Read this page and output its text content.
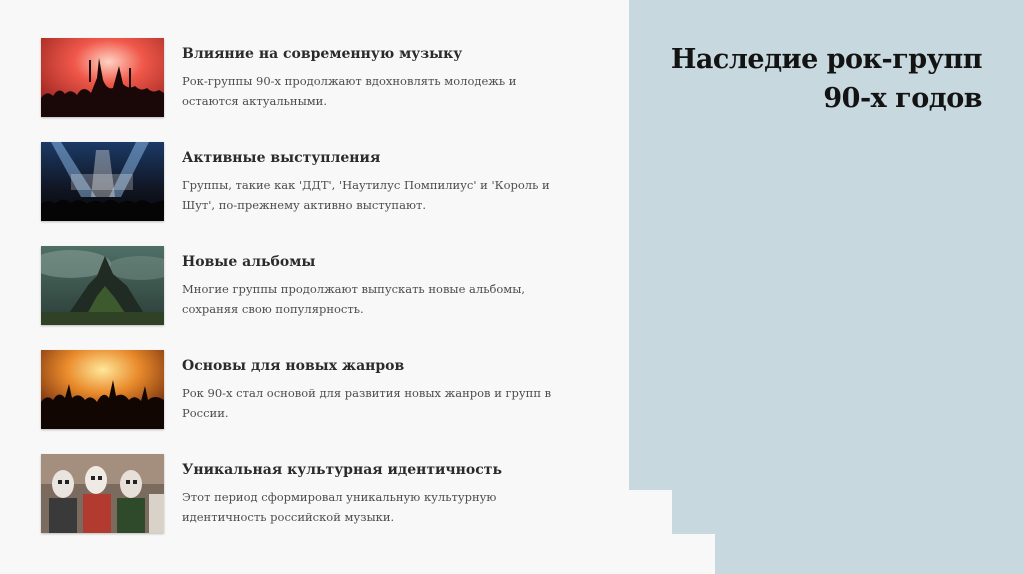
Наследие рок-групп
90-х годов
Влияние на современную музыку

Рок-группы 90-х продолжают вдохновлять молодежь и остаются актуальными.

Активные выступления

Группы, такие как 'ДДТ', 'Наутилус Помпилиус' и 'Король и Шут', по-прежнему активно выступают.

Новые альбомы

Многие группы продолжают выпускать новые альбомы, сохраняя свою популярность.

Основы для новых жанров

Рок 90-х стал основой для развития новых жанров и групп в России.

Уникальная культурная идентичность

Этот период сформировал уникальную культурную идентичность российской музыки.
